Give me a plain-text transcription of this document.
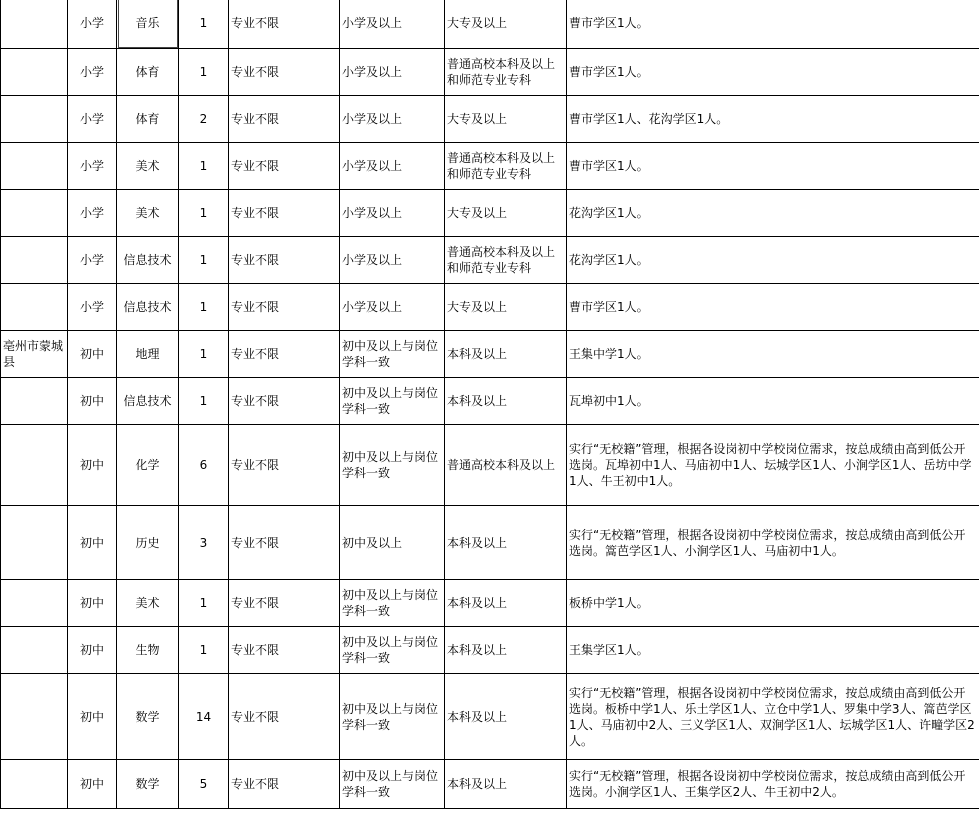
	小学	音乐	1	专业不限	小学及以上	大专及以上	曹市学区1人。
	小学	体育	1	专业不限	小学及以上	普通高校本科及以上和师范专业专科	曹市学区1人。
	小学	体育	2	专业不限	小学及以上	大专及以上	曹市学区1人、花沟学区1人。
	小学	美术	1	专业不限	小学及以上	普通高校本科及以上和师范专业专科	曹市学区1人。
	小学	美术	1	专业不限	小学及以上	大专及以上	花沟学区1人。
	小学	信息技术	1	专业不限	小学及以上	普通高校本科及以上和师范专业专科	花沟学区1人。
	小学	信息技术	1	专业不限	小学及以上	大专及以上	曹市学区1人。
亳州市蒙城县	初中	地理	1	专业不限	初中及以上与岗位学科一致	本科及以上	王集中学1人。
	初中	信息技术	1	专业不限	初中及以上与岗位学科一致	本科及以上	瓦埠初中1人。
	初中	化学	6	专业不限	初中及以上与岗位学科一致	普通高校本科及以上	实行“无校籍”管理，根据各设岗初中学校岗位需求，按总成绩由高到低公开选岗。瓦埠初中1人、马庙初中1人、坛城学区1人、小涧学区1人、岳坊中学1人、牛王初中1人。
	初中	历史	3	专业不限	初中及以上	本科及以上	实行“无校籍”管理，根据各设岗初中学校岗位需求，按总成绩由高到低公开选岗。篙芭学区1人、小涧学区1人、马庙初中1人。
	初中	美术	1	专业不限	初中及以上与岗位学科一致	本科及以上	板桥中学1人。
	初中	生物	1	专业不限	初中及以上与岗位学科一致	本科及以上	王集学区1人。
	初中	数学	14	专业不限	初中及以上与岗位学科一致	本科及以上	实行“无校籍”管理，根据各设岗初中学校岗位需求，按总成绩由高到低公开选岗。板桥中学1人、乐土学区1人、立仓中学1人、罗集中学3人、篙芭学区1人、马庙初中2人、三义学区1人、双涧学区1人、坛城学区1人、许疃学区2人。
	初中	数学	5	专业不限	初中及以上与岗位学科一致	本科及以上	实行“无校籍”管理，根据各设岗初中学校岗位需求，按总成绩由高到低公开选岗。小涧学区1人、王集学区2人、牛王初中2人。
